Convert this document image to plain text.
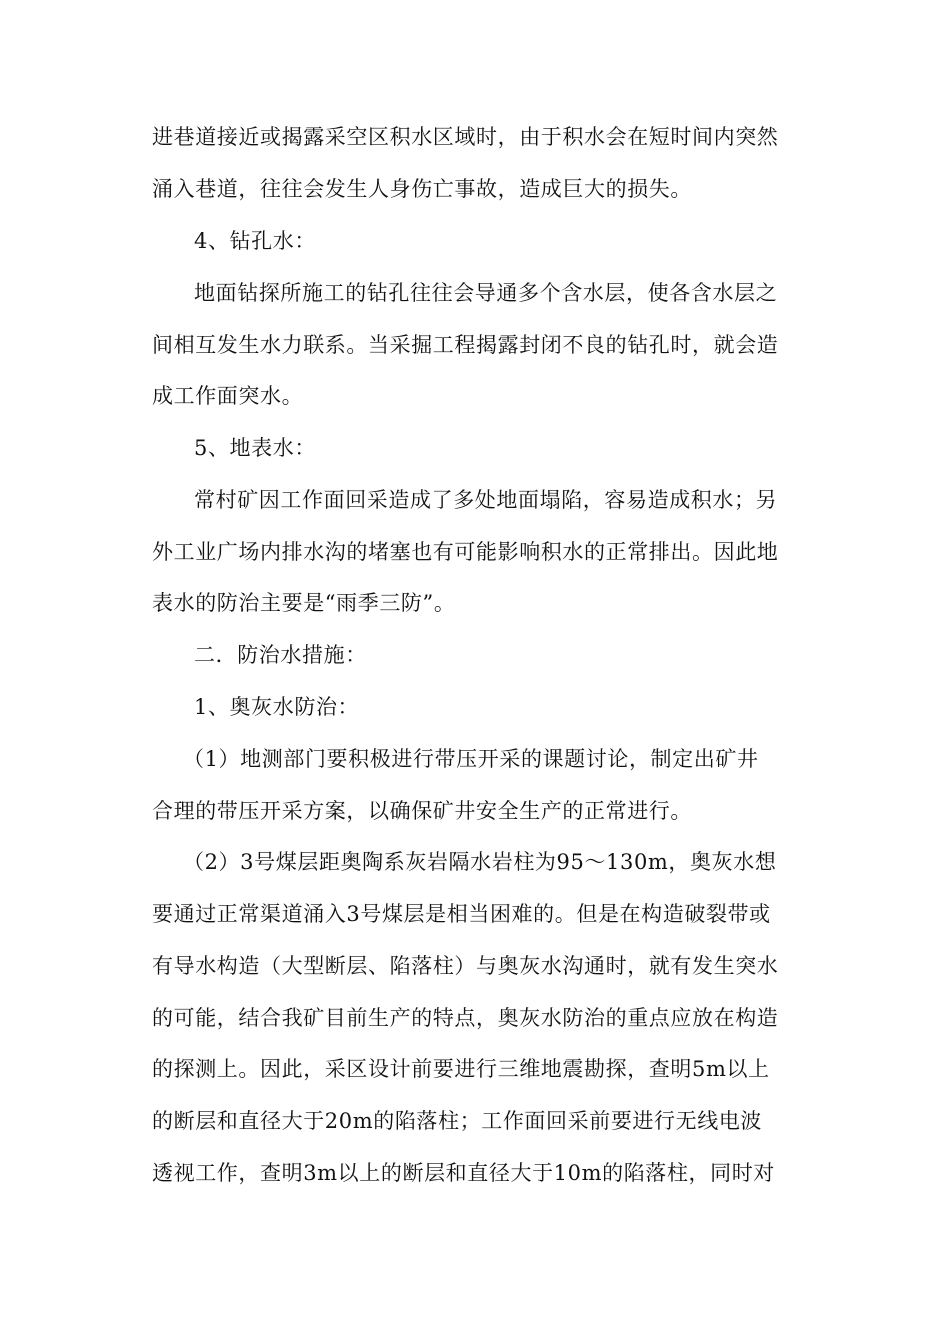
进巷道接近或揭露采空区积水区域时，由于积水会在短时间内突然
涌入巷道，往往会发生人身伤亡事故，造成巨大的损失。
4、钻孔水：
地面钻探所施工的钻孔往往会导通多个含水层，使各含水层之
间相互发生水力联系。当采掘工程揭露封闭不良的钻孔时，就会造
成工作面突水。
5、地表水：
常村矿因工作面回采造成了多处地面塌陷，容易造成积水；另
外工业广场内排水沟的堵塞也有可能影响积水的正常排出。因此地
表水的防治主要是“雨季三防”。
二．防治水措施：
1、奥灰水防治：
（1）地测部门要积极进行带压开采的课题讨论，制定出矿井
合理的带压开采方案，以确保矿井安全生产的正常进行。
（2）3号煤层距奥陶系灰岩隔水岩柱为95～130m，奥灰水想
要通过正常渠道涌入3号煤层是相当困难的。但是在构造破裂带或
有导水构造（大型断层、陷落柱）与奥灰水沟通时，就有发生突水
的可能，结合我矿目前生产的特点，奥灰水防治的重点应放在构造
的探测上。因此，采区设计前要进行三维地震勘探，查明5m以上
的断层和直径大于20m的陷落柱；工作面回采前要进行无线电波
透视工作，查明3m以上的断层和直径大于10m的陷落柱，同时对
